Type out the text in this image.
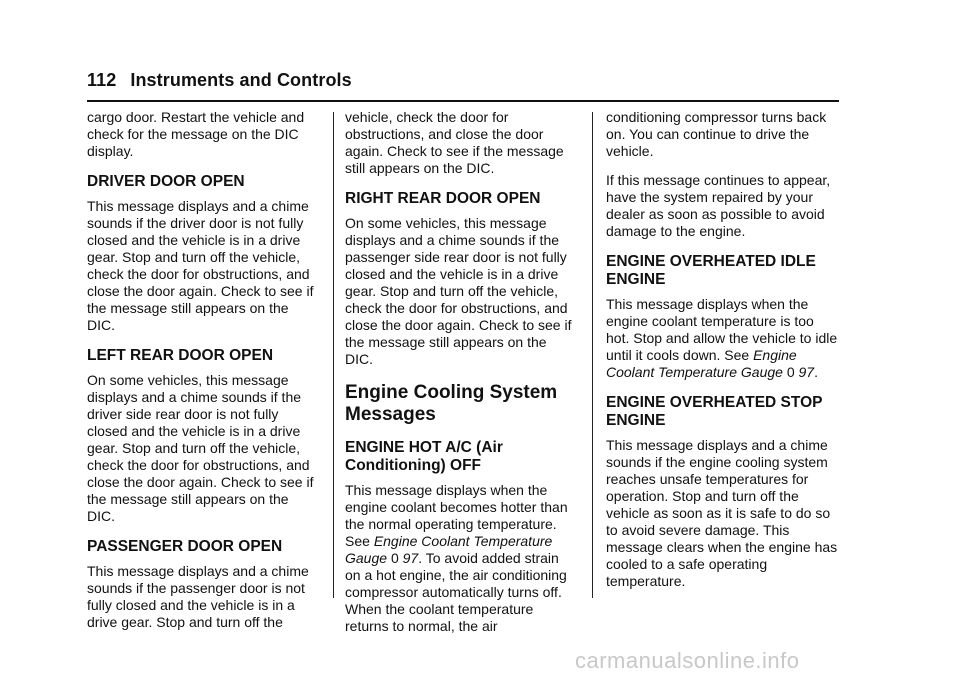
112 Instruments and Controls

cargo door. Restart the vehicle and check for the message on the DIC display.

DRIVER DOOR OPEN

This message displays and a chime sounds if the driver door is not fully closed and the vehicle is in a drive gear. Stop and turn off the vehicle, check the door for obstructions, and close the door again. Check to see if the message still appears on the DIC.

LEFT REAR DOOR OPEN

On some vehicles, this message displays and a chime sounds if the driver side rear door is not fully closed and the vehicle is in a drive gear. Stop and turn off the vehicle, check the door for obstructions, and close the door again. Check to see if the message still appears on the DIC.

PASSENGER DOOR OPEN

This message displays and a chime sounds if the passenger door is not fully closed and the vehicle is in a drive gear. Stop and turn off the

vehicle, check the door for obstructions, and close the door again. Check to see if the message still appears on the DIC.

RIGHT REAR DOOR OPEN

On some vehicles, this message displays and a chime sounds if the passenger side rear door is not fully closed and the vehicle is in a drive gear. Stop and turn off the vehicle, check the door for obstructions, and close the door again. Check to see if the message still appears on the DIC.

Engine Cooling System Messages
ENGINE HOT A/C (Air Conditioning) OFF

This message displays when the engine coolant becomes hotter than the normal operating temperature. See Engine Coolant Temperature Gauge 0 97. To avoid added strain on a hot engine, the air conditioning compressor automatically turns off. When the coolant temperature returns to normal, the air

conditioning compressor turns back on. You can continue to drive the vehicle.

If this message continues to appear, have the system repaired by your dealer as soon as possible to avoid damage to the engine.

ENGINE OVERHEATED IDLE ENGINE

This message displays when the engine coolant temperature is too hot. Stop and allow the vehicle to idle until it cools down. See Engine Coolant Temperature Gauge 0 97.

ENGINE OVERHEATED STOP ENGINE

This message displays and a chime sounds if the engine cooling system reaches unsafe temperatures for operation. Stop and turn off the vehicle as soon as it is safe to do so to avoid severe damage. This message clears when the engine has cooled to a safe operating temperature.

carmanualsonline.info
